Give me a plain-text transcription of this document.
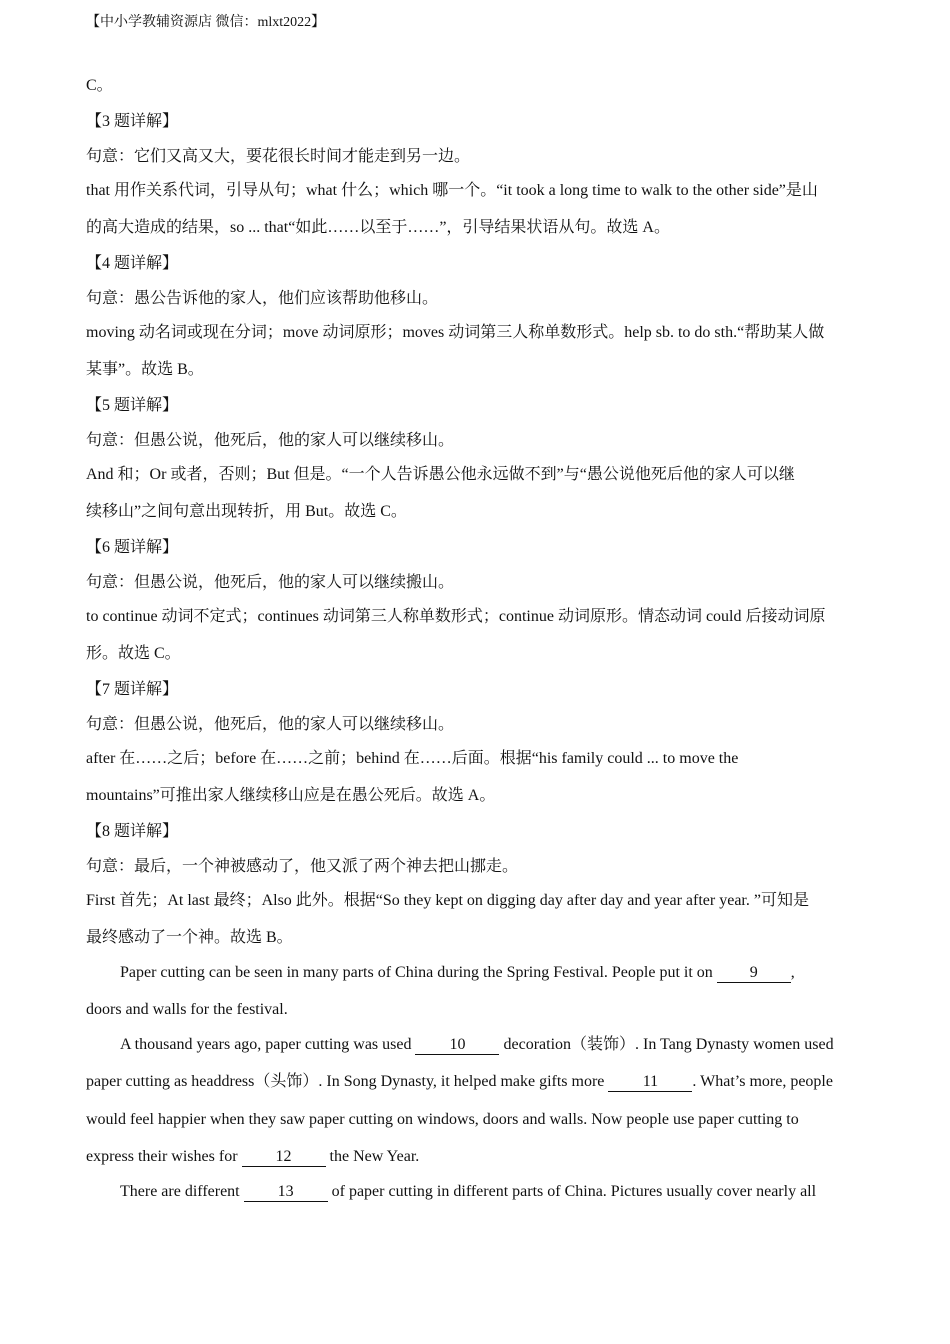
【中小学教辅资源店 微信：mlxt2022】
C。
【3 题详解】
句意：它们又高又大，要花很长时间才能走到另一边。
that 用作关系代词，引导从句；what 什么；which 哪一个。“it took a long time to walk to the other side”是山
的高大造成的结果，so ... that“如此……以至于……”，引导结果状语从句。故选 A。
【4 题详解】
句意：愚公告诉他的家人，他们应该帮助他移山。
moving 动名词或现在分词；move 动词原形；moves 动词第三人称单数形式。help sb. to do sth.“帮助某人做
某事”。故选 B。
【5 题详解】
句意：但愚公说，他死后，他的家人可以继续移山。
And 和；Or 或者，否则；But 但是。“一个人告诉愚公他永远做不到”与“愚公说他死后他的家人可以继
续移山”之间句意出现转折，用 But。故选 C。
【6 题详解】
句意：但愚公说，他死后，他的家人可以继续搬山。
to continue 动词不定式；continues 动词第三人称单数形式；continue 动词原形。情态动词 could 后接动词原
形。故选 C。
【7 题详解】
句意：但愚公说，他死后，他的家人可以继续移山。
after 在……之后；before 在……之前；behind 在……后面。根据“his family could ... to move the
mountains”可推出家人继续移山应是在愚公死后。故选 A。
【8 题详解】
句意：最后，一个神被感动了，他又派了两个神去把山挪走。
First 首先；At last 最终；Also 此外。根据“So they kept on digging day after day and year after year. ”可知是
最终感动了一个神。故选 B。
Paper cutting can be seen in many parts of China during the Spring Festival. People put it on 9 ,
doors and walls for the festival.
A thousand years ago, paper cutting was used 10 decoration（装饰）. In Tang Dynasty women used
paper cutting as headdress（头饰）. In Song Dynasty, it helped make gifts more 11 . What’s more, people
would feel happier when they saw paper cutting on windows, doors and walls. Now people use paper cutting to
express their wishes for 12 the New Year.
There are different 13 of paper cutting in different parts of China. Pictures usually cover nearly all
